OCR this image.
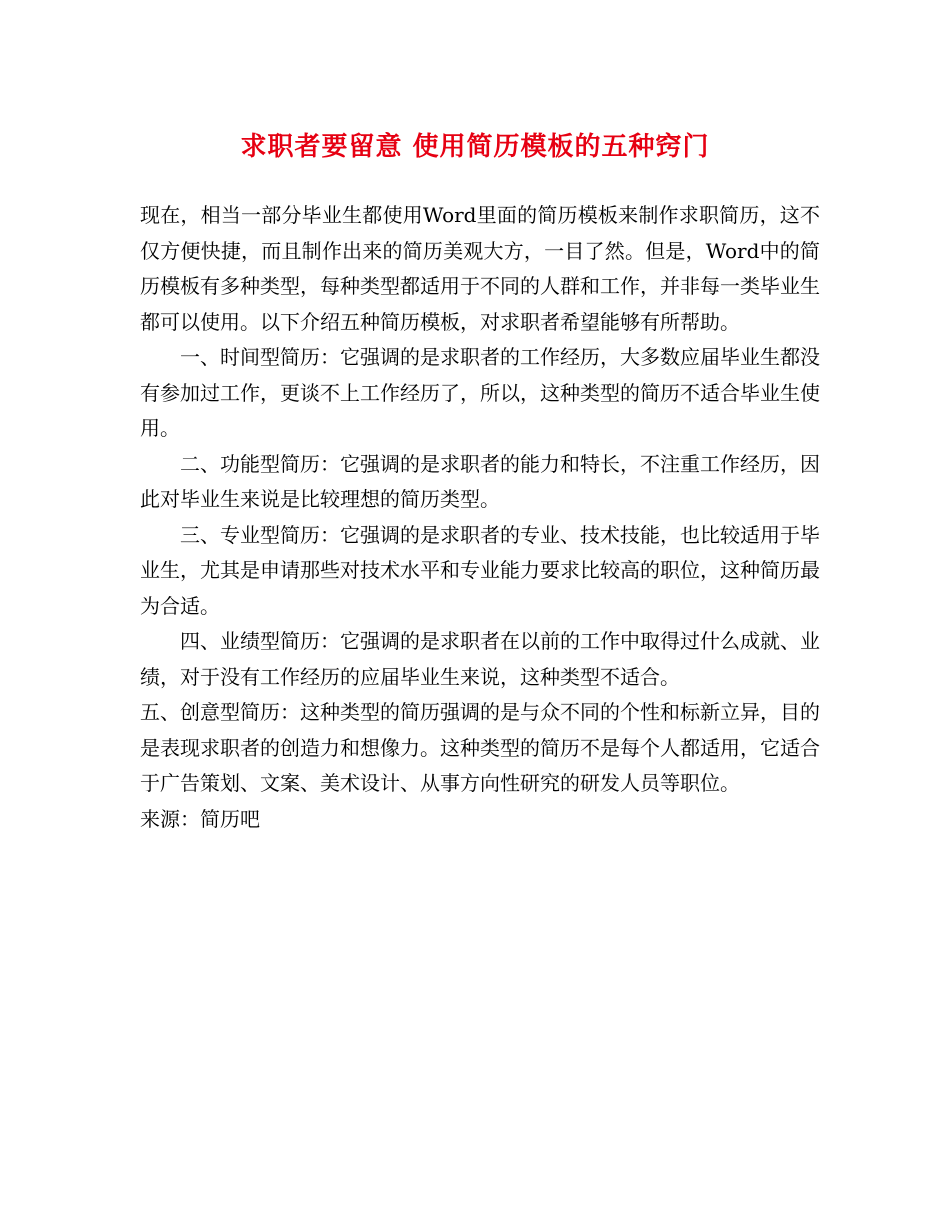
求职者要留意 使用简历模板的五种窍门

现在，相当一部分毕业生都使用Word里面的简历模板来制作求职简历，这不仅方便快捷，而且制作出来的简历美观大方，一目了然。但是，Word中的简历模板有多种类型，每种类型都适用于不同的人群和工作，并非每一类毕业生都可以使用。以下介绍五种简历模板，对求职者希望能够有所帮助。

一、时间型简历：它强调的是求职者的工作经历，大多数应届毕业生都没有参加过工作，更谈不上工作经历了，所以，这种类型的简历不适合毕业生使用。

二、功能型简历：它强调的是求职者的能力和特长，不注重工作经历，因此对毕业生来说是比较理想的简历类型。

三、专业型简历：它强调的是求职者的专业、技术技能，也比较适用于毕业生，尤其是申请那些对技术水平和专业能力要求比较高的职位，这种简历最为合适。

四、业绩型简历：它强调的是求职者在以前的工作中取得过什么成就、业绩，对于没有工作经历的应届毕业生来说，这种类型不适合。

五、创意型简历：这种类型的简历强调的是与众不同的个性和标新立异，目的是表现求职者的创造力和想像力。这种类型的简历不是每个人都适用，它适合于广告策划、文案、美术设计、从事方向性研究的研发人员等职位。

来源：简历吧
